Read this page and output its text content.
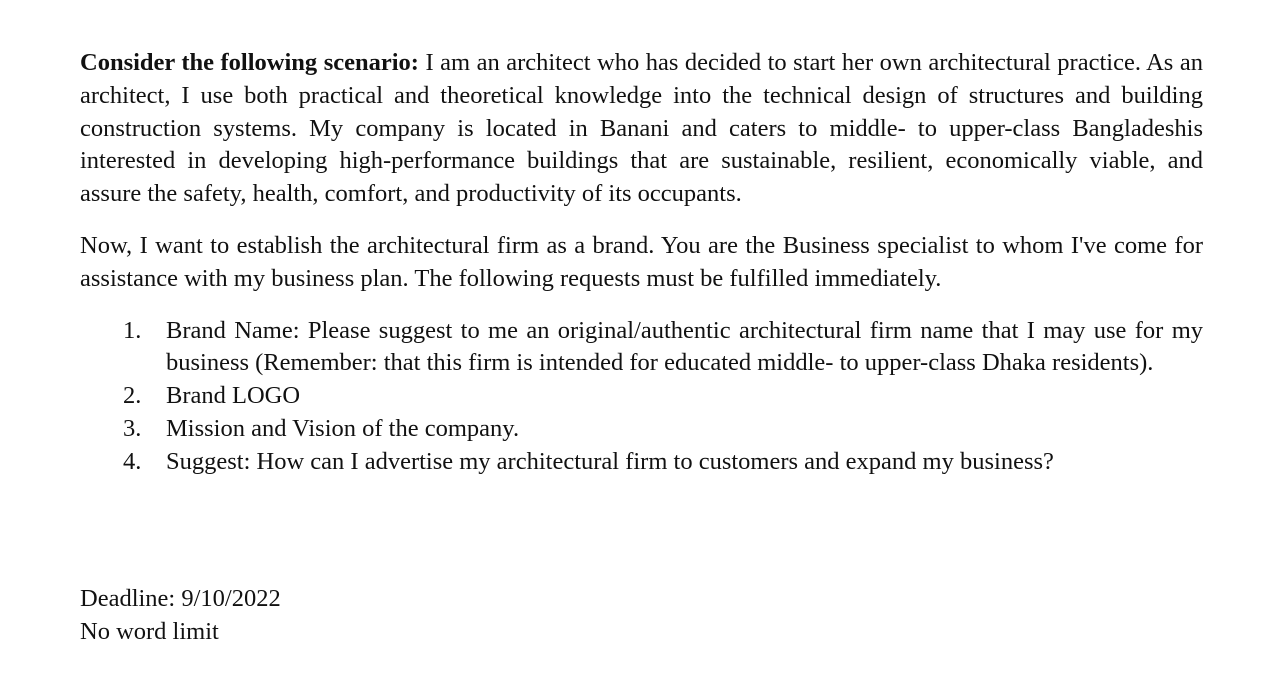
Consider the following scenario: I am an architect who has decided to start her own architectural practice. As an architect, I use both practical and theoretical knowledge into the technical design of structures and building construction systems. My company is located in Banani and caters to middle- to upper-class Bangladeshis interested in developing high-performance buildings that are sustainable, resilient, economically viable, and assure the safety, health, comfort, and productivity of its occupants.

Now, I want to establish the architectural firm as a brand. You are the Business specialist to whom I've come for assistance with my business plan. The following requests must be fulfilled immediately.

1. Brand Name: Please suggest to me an original/authentic architectural firm name that I may use for my business (Remember: that this firm is intended for educated middle- to upper-class Dhaka residents).
2. Brand LOGO
3. Mission and Vision of the company.
4. Suggest: How can I advertise my architectural firm to customers and expand my business?
Deadline: 9/10/2022
No word limit
